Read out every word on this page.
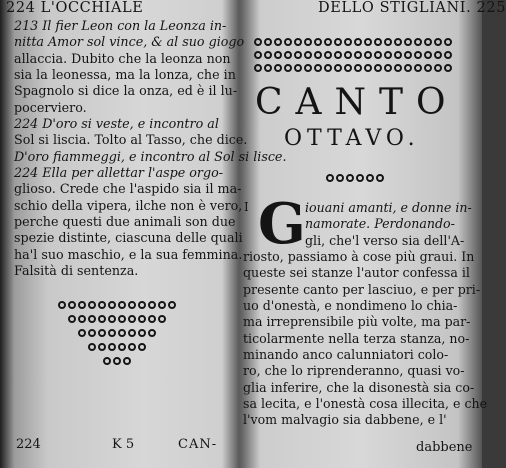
224 L'OCCHIALE
213 Il fier Leon con la Leonza in-
nitta Amor sol vince, & al suo giogo
allaccia. Dubito che la leonza non
sia la leonessa, ma la lonza, che in
Spagnolo si dice la onza, ed è il lu-
pocerviero.
224 D'oro si veste, e incontro al
Sol si liscia. Tolto al Tasso, che dice.
D'oro fiammeggi, e incontro al Sol si lisce.
224 Ella per allettar l'aspe orgo-
glioso. Crede che l'aspido sia il ma-
schio della vipera, ilche non è vero,
perche questi due animali son due
spezie distinte, ciascuna delle quali
ha'l suo maschio, e la sua femmina.
Falsità di sentenza.
224	K 5	CAN-
DELLO STIGLIANI. 225
CANTO
OTTAVO.
I G iouani amanti, e donne in-
namorate. Perdonando-
gli, che'l verso sia dell'A-
riosto, passiamo à cose più graui. In
queste sei stanze l'autor confessa il
presente canto per lasciuo, e per pri-
uo d'onestà, e nondimeno lo chia-
ma irreprensibile più volte, ma par-
ticolarmente nella terza stanza, no-
minando anco calunniatori colo-
ro, che lo riprenderanno, quasi vo-
glia inferire, che la disonestà sia co-
sa lecita, e l'onestà cosa illecita, e che
l'vom malvagio sia dabbene, e l'
dabbene
